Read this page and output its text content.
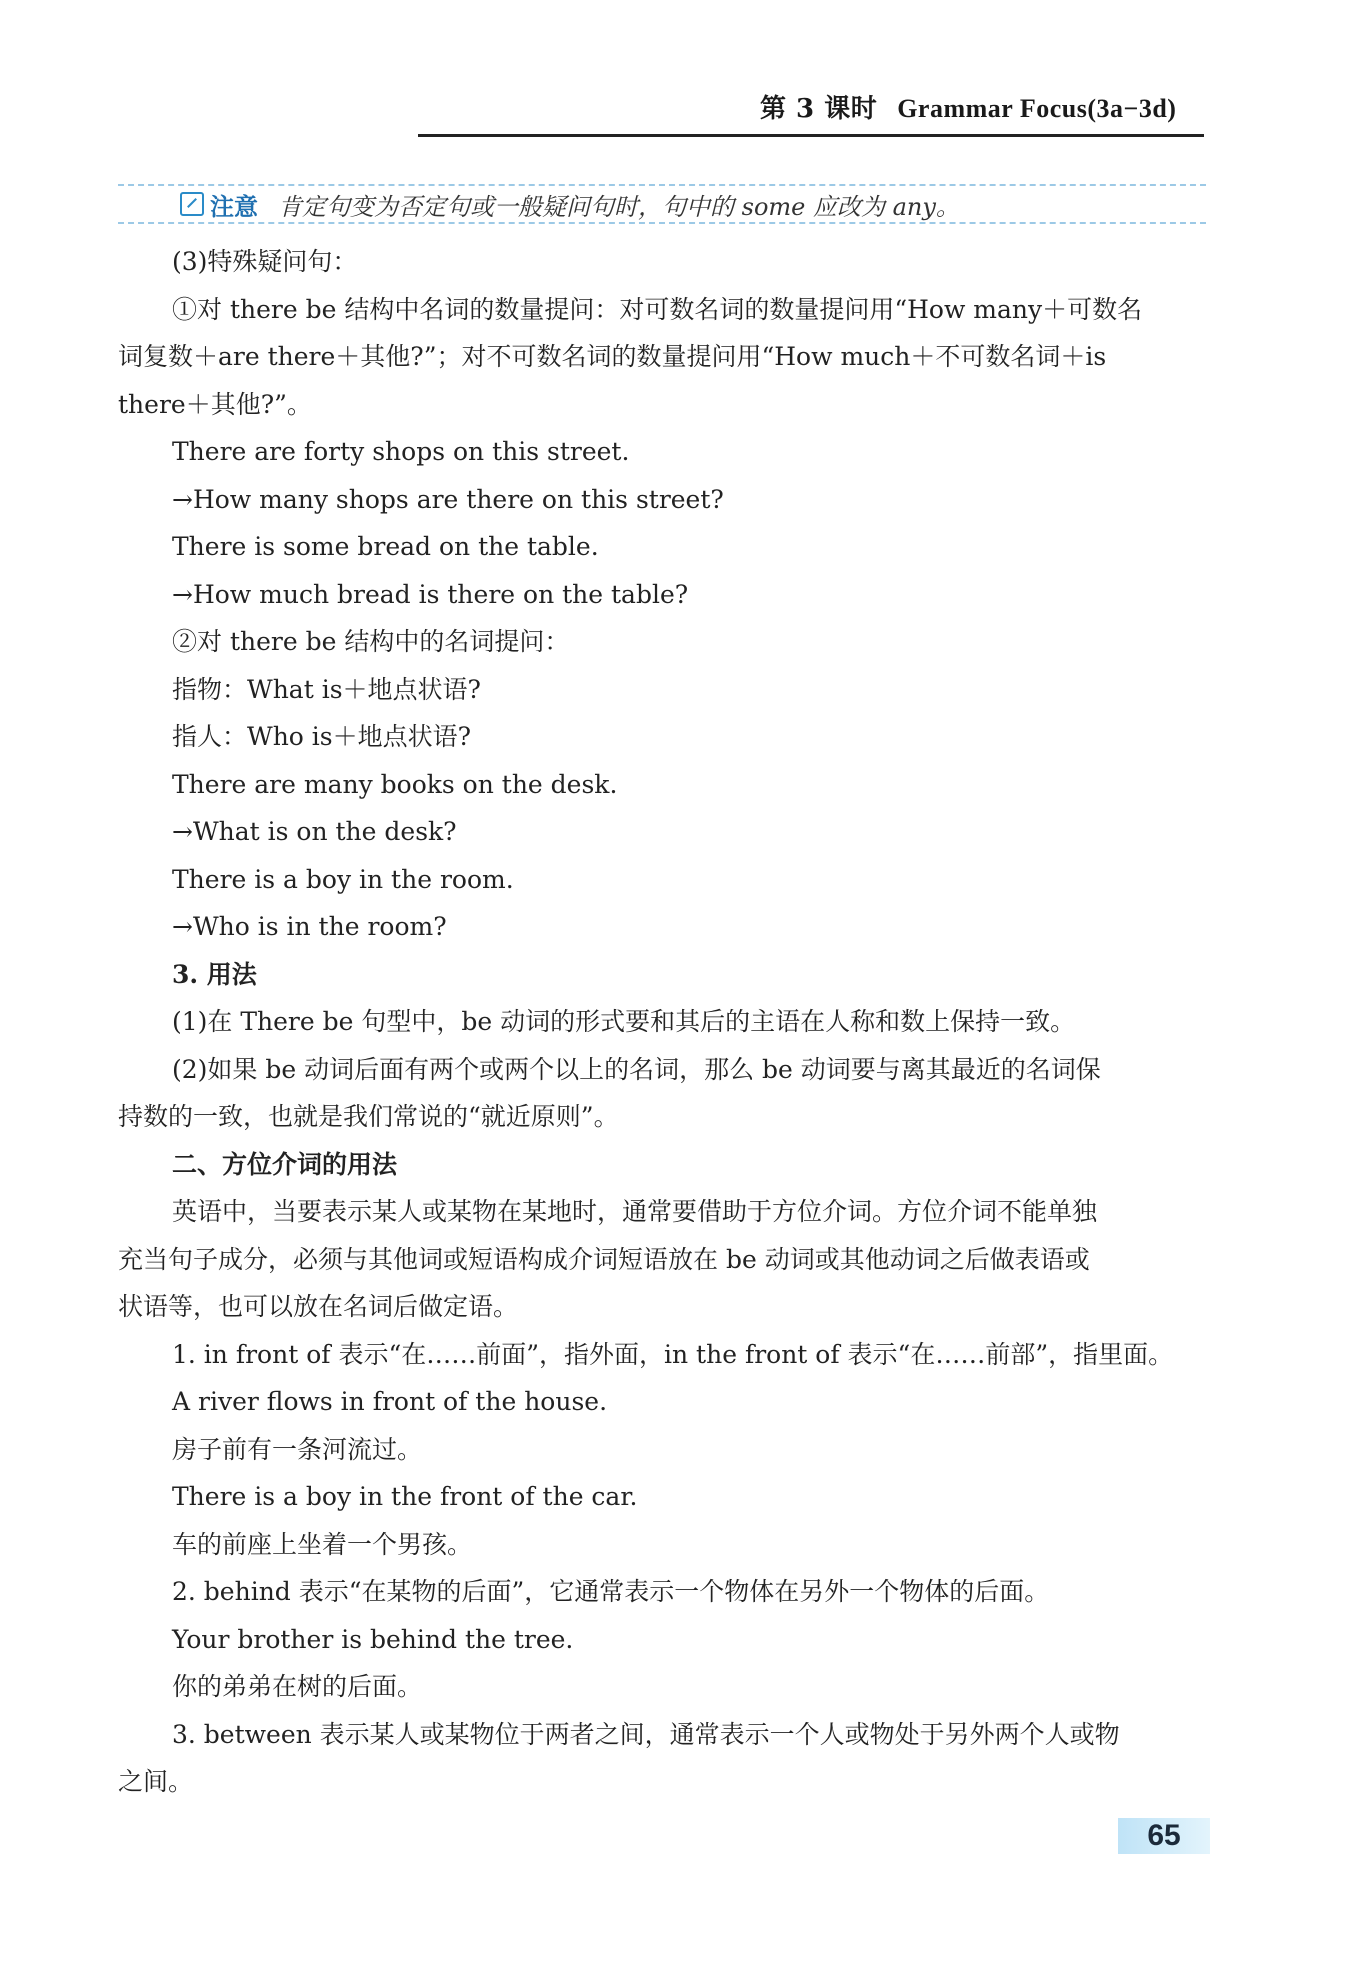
第 3 课时 Grammar Focus(3a−3d)
注意 肯定句变为否定句或一般疑问句时，句中的 some 应改为 any。
(3)特殊疑问句：
①对 there be 结构中名词的数量提问：对可数名词的数量提问用“How many＋可数名
词复数＋are there＋其他?”；对不可数名词的数量提问用“How much＋不可数名词＋is
there＋其他?”。
There are forty shops on this street.
→How many shops are there on this street?
There is some bread on the table.
→How much bread is there on the table?
②对 there be 结构中的名词提问：
指物：What is＋地点状语?
指人：Who is＋地点状语?
There are many books on the desk.
→What is on the desk?
There is a boy in the room.
→Who is in the room?
3. 用法
(1)在 There be 句型中，be 动词的形式要和其后的主语在人称和数上保持一致。
(2)如果 be 动词后面有两个或两个以上的名词，那么 be 动词要与离其最近的名词保
持数的一致，也就是我们常说的“就近原则”。
二、方位介词的用法
英语中，当要表示某人或某物在某地时，通常要借助于方位介词。方位介词不能单独
充当句子成分，必须与其他词或短语构成介词短语放在 be 动词或其他动词之后做表语或
状语等，也可以放在名词后做定语。
1. in front of 表示“在……前面”，指外面，in the front of 表示“在……前部”，指里面。
A river flows in front of the house.
房子前有一条河流过。
There is a boy in the front of the car.
车的前座上坐着一个男孩。
2. behind 表示“在某物的后面”，它通常表示一个物体在另外一个物体的后面。
Your brother is behind the tree.
你的弟弟在树的后面。
3. between 表示某人或某物位于两者之间，通常表示一个人或物处于另外两个人或物
之间。
65
